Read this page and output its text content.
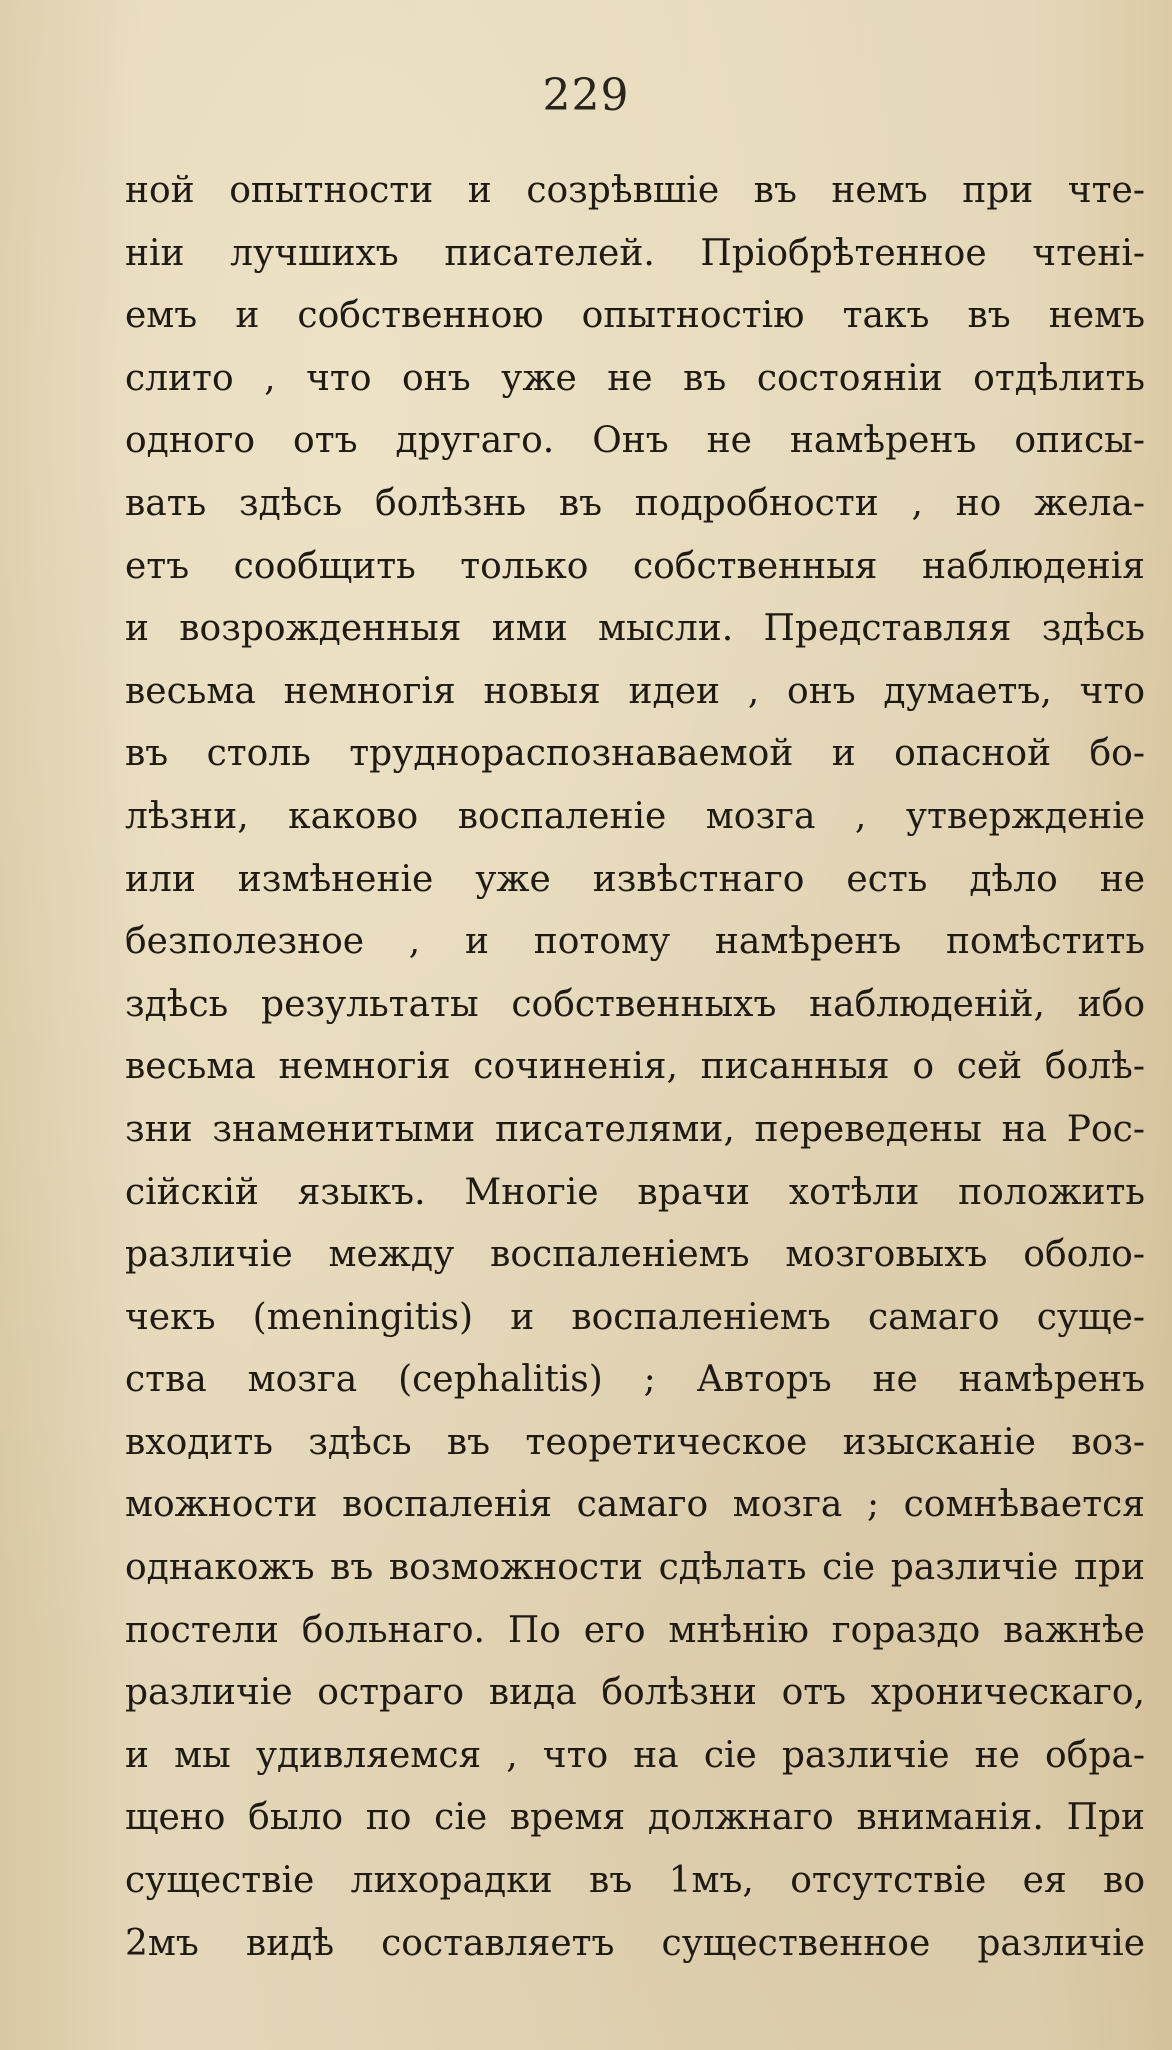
229
ной опытности и созрѣвшiе въ немъ при чте-
нiи лучшихъ писателей. Прiобрѣтенное чтенi-
емъ и собственною опытностiю такъ въ немъ
слито , что онъ уже не въ состоянiи отдѣлить
одного отъ другаго. Онъ не намѣренъ описы-
вать здѣсь болѣзнь въ подробности , но жела-
етъ сообщить только собственныя наблюденiя
и возрожденныя ими мысли. Представляя здѣсь
весьма немногiя новыя идеи , онъ думаетъ, что
въ столь труднораспознаваемой и опасной бо-
лѣзни, каково воспаленiе мозга , утвержденiе
или измѣненiе уже извѣстнаго есть дѣло не
безполезное , и потому намѣренъ помѣстить
здѣсь результаты собственныхъ наблюденiй, ибо
весьма немногiя сочиненiя, писанныя о сей болѣ-
зни знаменитыми писателями, переведены на Рос-
сiйскiй языкъ. Многiе врачи хотѣли положить
различiе между воспаленiемъ мозговыхъ оболо-
чекъ (meningitis) и воспаленiемъ самаго суще-
ства мозга (cephalitis) ; Авторъ не намѣренъ
входить здѣсь въ теоретическое изысканiе воз-
можности воспаленiя самаго мозга ; сомнѣвается
однакожъ въ возможности сдѣлать сiе различiе при
постели больнаго. По его мнѣнiю гораздо важнѣе
различiе остраго вида болѣзни отъ хроническаго,
и мы удивляемся , что на сiе различiе не обра-
щено было по сiе время должнаго вниманiя. При
существiе лихорадки въ 1мъ, отсутствiе ея во
2мъ видѣ составляетъ существенное различiе
